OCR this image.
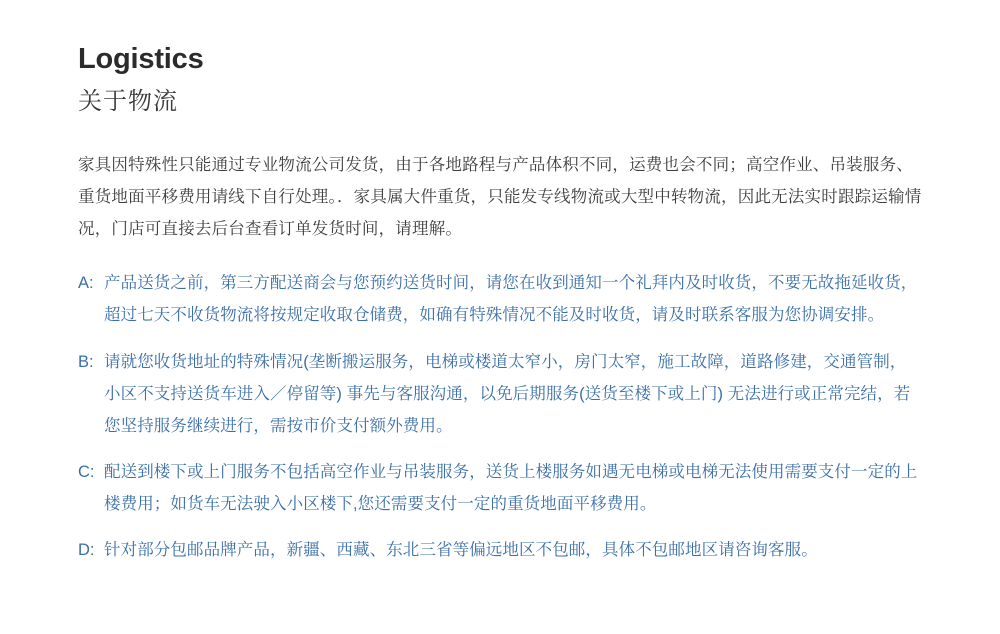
Logistics
关于物流

家具因特殊性只能通过专业物流公司发货，由于各地路程与产品体积不同，运费也会不同；高空作业、吊装服务、重货地面平移费用请线下自行处理。．家具属大件重货，只能发专线物流或大型中转物流，因此无法实时跟踪运输情况，门店可直接去后台查看订单发货时间，请理解。

A: 产品送货之前，第三方配送商会与您预约送货时间，请您在收到通知一个礼拜内及时收货，不要无故拖延收货，超过七天不收货物流将按规定收取仓储费，如确有特殊情况不能及时收货，请及时联系客服为您协调安排。
B: 请就您收货地址的特殊情况(垄断搬运服务，电梯或楼道太窄小，房门太窄，施工故障，道路修建，交通管制，小区不支持送货车进入／停留等) 事先与客服沟通，以免后期服务(送货至楼下或上门) 无法进行或正常完结，若您坚持服务继续进行，需按市价支付额外费用。
C: 配送到楼下或上门服务不包括高空作业与吊装服务，送货上楼服务如遇无电梯或电梯无法使用需要支付一定的上楼费用；如货车无法驶入小区楼下,您还需要支付一定的重货地面平移费用。
D: 针对部分包邮品牌产品，新疆、西藏、东北三省等偏远地区不包邮，具体不包邮地区请咨询客服。
